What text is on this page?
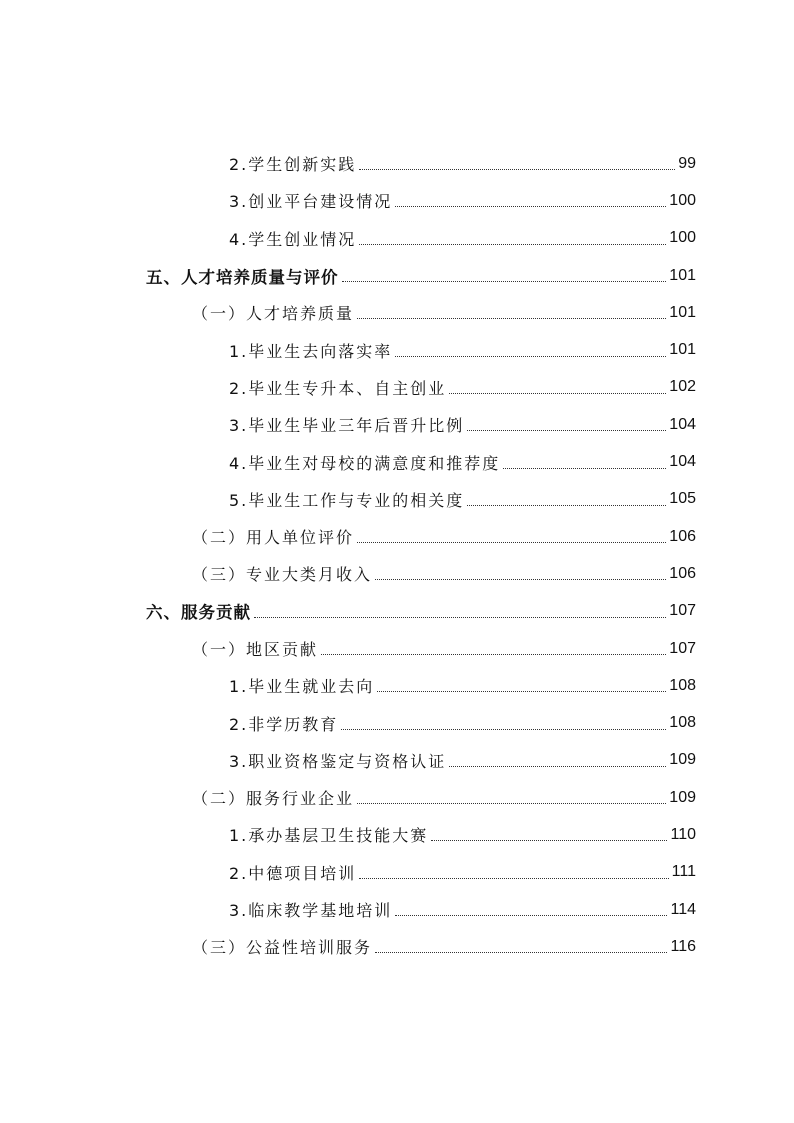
2.学生创新实践	99
3.创业平台建设情况	100
4.学生创业情况	100
五、人才培养质量与评价	101
（一）人才培养质量	101
1.毕业生去向落实率	101
2.毕业生专升本、自主创业	102
3.毕业生毕业三年后晋升比例	104
4.毕业生对母校的满意度和推荐度	104
5.毕业生工作与专业的相关度	105
（二）用人单位评价	106
（三）专业大类月收入	106
六、服务贡献	107
（一）地区贡献	107
1.毕业生就业去向	108
2.非学历教育	108
3.职业资格鉴定与资格认证	109
（二）服务行业企业	109
1.承办基层卫生技能大赛	110
2.中德项目培训	111
3.临床教学基地培训	114
（三）公益性培训服务	116
